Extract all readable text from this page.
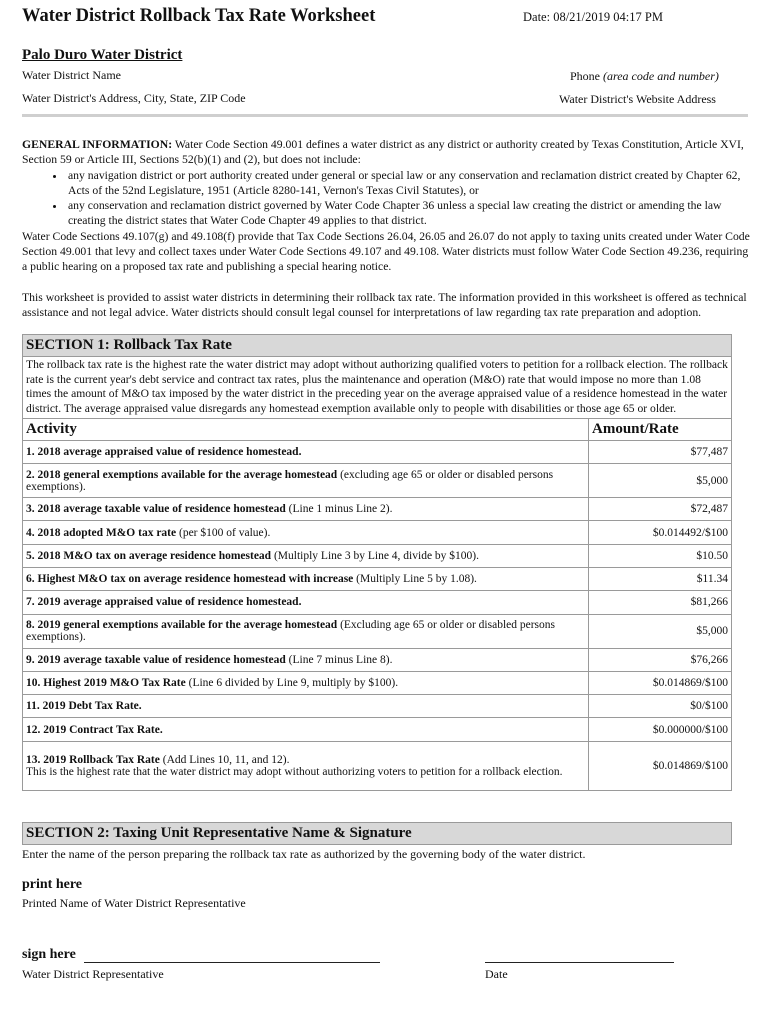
Water District Rollback Tax Rate Worksheet	Date: 08/21/2019 04:17 PM
Palo Duro Water District
Water District Name	Phone (area code and number)
Water District's Address, City, State, ZIP Code	Water District's Website Address

GENERAL INFORMATION: Water Code Section 49.001 defines a water district as any district or authority created by Texas Constitution, Article XVI, Section 59 or Article III, Sections 52(b)(1) and (2), but does not include:

• any navigation district or port authority created under general or special law or any conservation and reclamation district created by Chapter 62, Acts of the 52nd Legislature, 1951 (Article 8280-141, Vernon's Texas Civil Statutes), or
• any conservation and reclamation district governed by Water Code Chapter 36 unless a special law creating the district or amending the law creating the district states that Water Code Chapter 49 applies to that district.

Water Code Sections 49.107(g) and 49.108(f) provide that Tax Code Sections 26.04, 26.05 and 26.07 do not apply to taxing units created under Water Code Section 49.001 that levy and collect taxes under Water Code Sections 49.107 and 49.108. Water districts must follow Water Code Section 49.236, requiring a public hearing on a proposed tax rate and publishing a special hearing notice.

This worksheet is provided to assist water districts in determining their rollback tax rate. The information provided in this worksheet is offered as technical assistance and not legal advice. Water districts should consult legal counsel for interpretations of law regarding tax rate preparation and adoption.

SECTION 1: Rollback Tax Rate	
The rollback tax rate is the highest rate the water district may adopt without authorizing qualified voters to petition for a rollback election. The rollback rate is the current year's debt service and contract tax rates, plus the maintenance and operation (M&O) rate that would impose no more than 1.08 times the amount of M&O tax imposed by the water district in the preceding year on the average appraised value of a residence homestead in the water district. The average appraised value disregards any homestead exemption available only to people with disabilities or those age 65 or older.	
Activity	Amount/Rate
1. 2018 average appraised value of residence homestead.	$77,487
2. 2018 general exemptions available for the average homestead (excluding age 65 or older or disabled persons exemptions).	$5,000
3. 2018 average taxable value of residence homestead (Line 1 minus Line 2).	$72,487
4. 2018 adopted M&O tax rate (per $100 of value).	$0.014492/$100
5. 2018 M&O tax on average residence homestead (Multiply Line 3 by Line 4, divide by $100).	$10.50
6. Highest M&O tax on average residence homestead with increase (Multiply Line 5 by 1.08).	$11.34
7. 2019 average appraised value of residence homestead.	$81,266
8. 2019 general exemptions available for the average homestead (Excluding age 65 or older or disabled persons exemptions).	$5,000
9. 2019 average taxable value of residence homestead (Line 7 minus Line 8).	$76,266
10. Highest 2019 M&O Tax Rate (Line 6 divided by Line 9, multiply by $100).	$0.014869/$100
11. 2019 Debt Tax Rate.	$0/$100
12. 2019 Contract Tax Rate.	$0.000000/$100
13. 2019 Rollback Tax Rate (Add Lines 10, 11, and 12).
This is the highest rate that the water district may adopt without authorizing voters to petition for a rollback election.	$0.014869/$100
SECTION 2: Taxing Unit Representative Name & Signature
Enter the name of the person preparing the rollback tax rate as authorized by the governing body of the water district.
print here
Printed Name of Water District Representative
sign here
Water District Representative	Date
